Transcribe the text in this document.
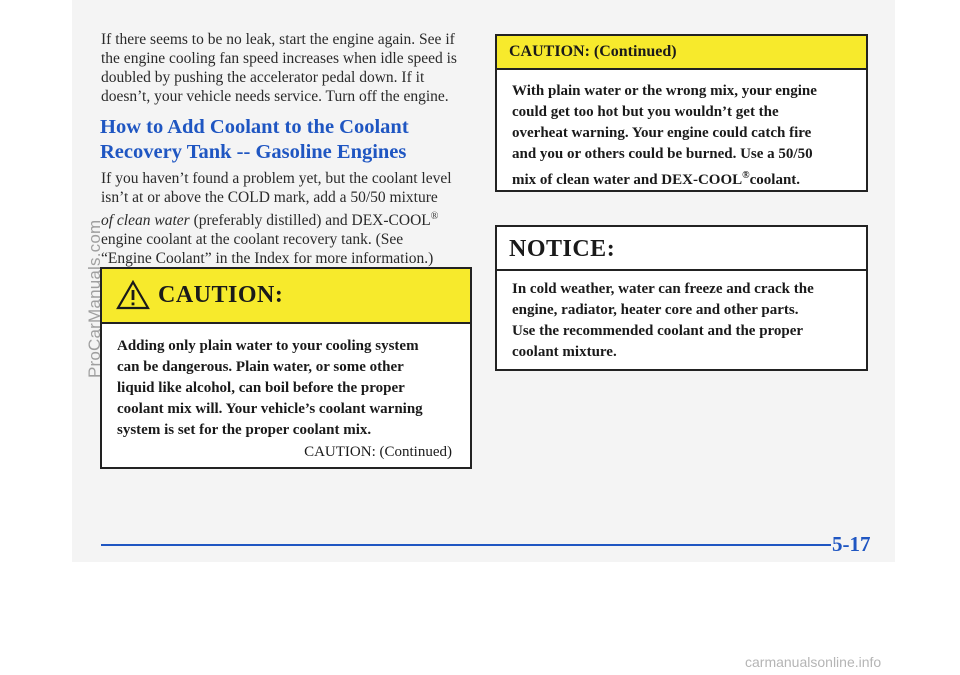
If there seems to be no leak, start the engine again. See if

the engine cooling fan speed increases when idle speed is

doubled by pushing the accelerator pedal down. If it

doesn’t, your vehicle needs service. Turn off the engine.

How to Add Coolant to the Coolant
Recovery Tank -- Gasoline Engines

If you haven’t found a problem yet, but the coolant level

isn’t at or above the COLD mark, add a 50/50 mixture

of clean water (preferably distilled) and DEX-COOL®

engine coolant at the coolant recovery tank. (See

“Engine Coolant” in the Index for more information.)

CAUTION:
Adding only plain water to your cooling system
can be dangerous. Plain water, or some other
liquid like alcohol, can boil before the proper
coolant mix will. Your vehicle’s coolant warning
system is set for the proper coolant mix.
CAUTION: (Continued)
CAUTION: (Continued)
With plain water or the wrong mix, your engine
could get too hot but you wouldn’t get the
overheat warning. Your engine could catch fire
and you or others could be burned. Use a 50/50
mix of clean water and DEX-COOL®coolant.
NOTICE:
In cold weather, water can freeze and crack the
engine, radiator, heater core and other parts.
Use the recommended coolant and the proper
coolant mixture.
5-17
ProCarManuals.com
carmanualsonline.info
